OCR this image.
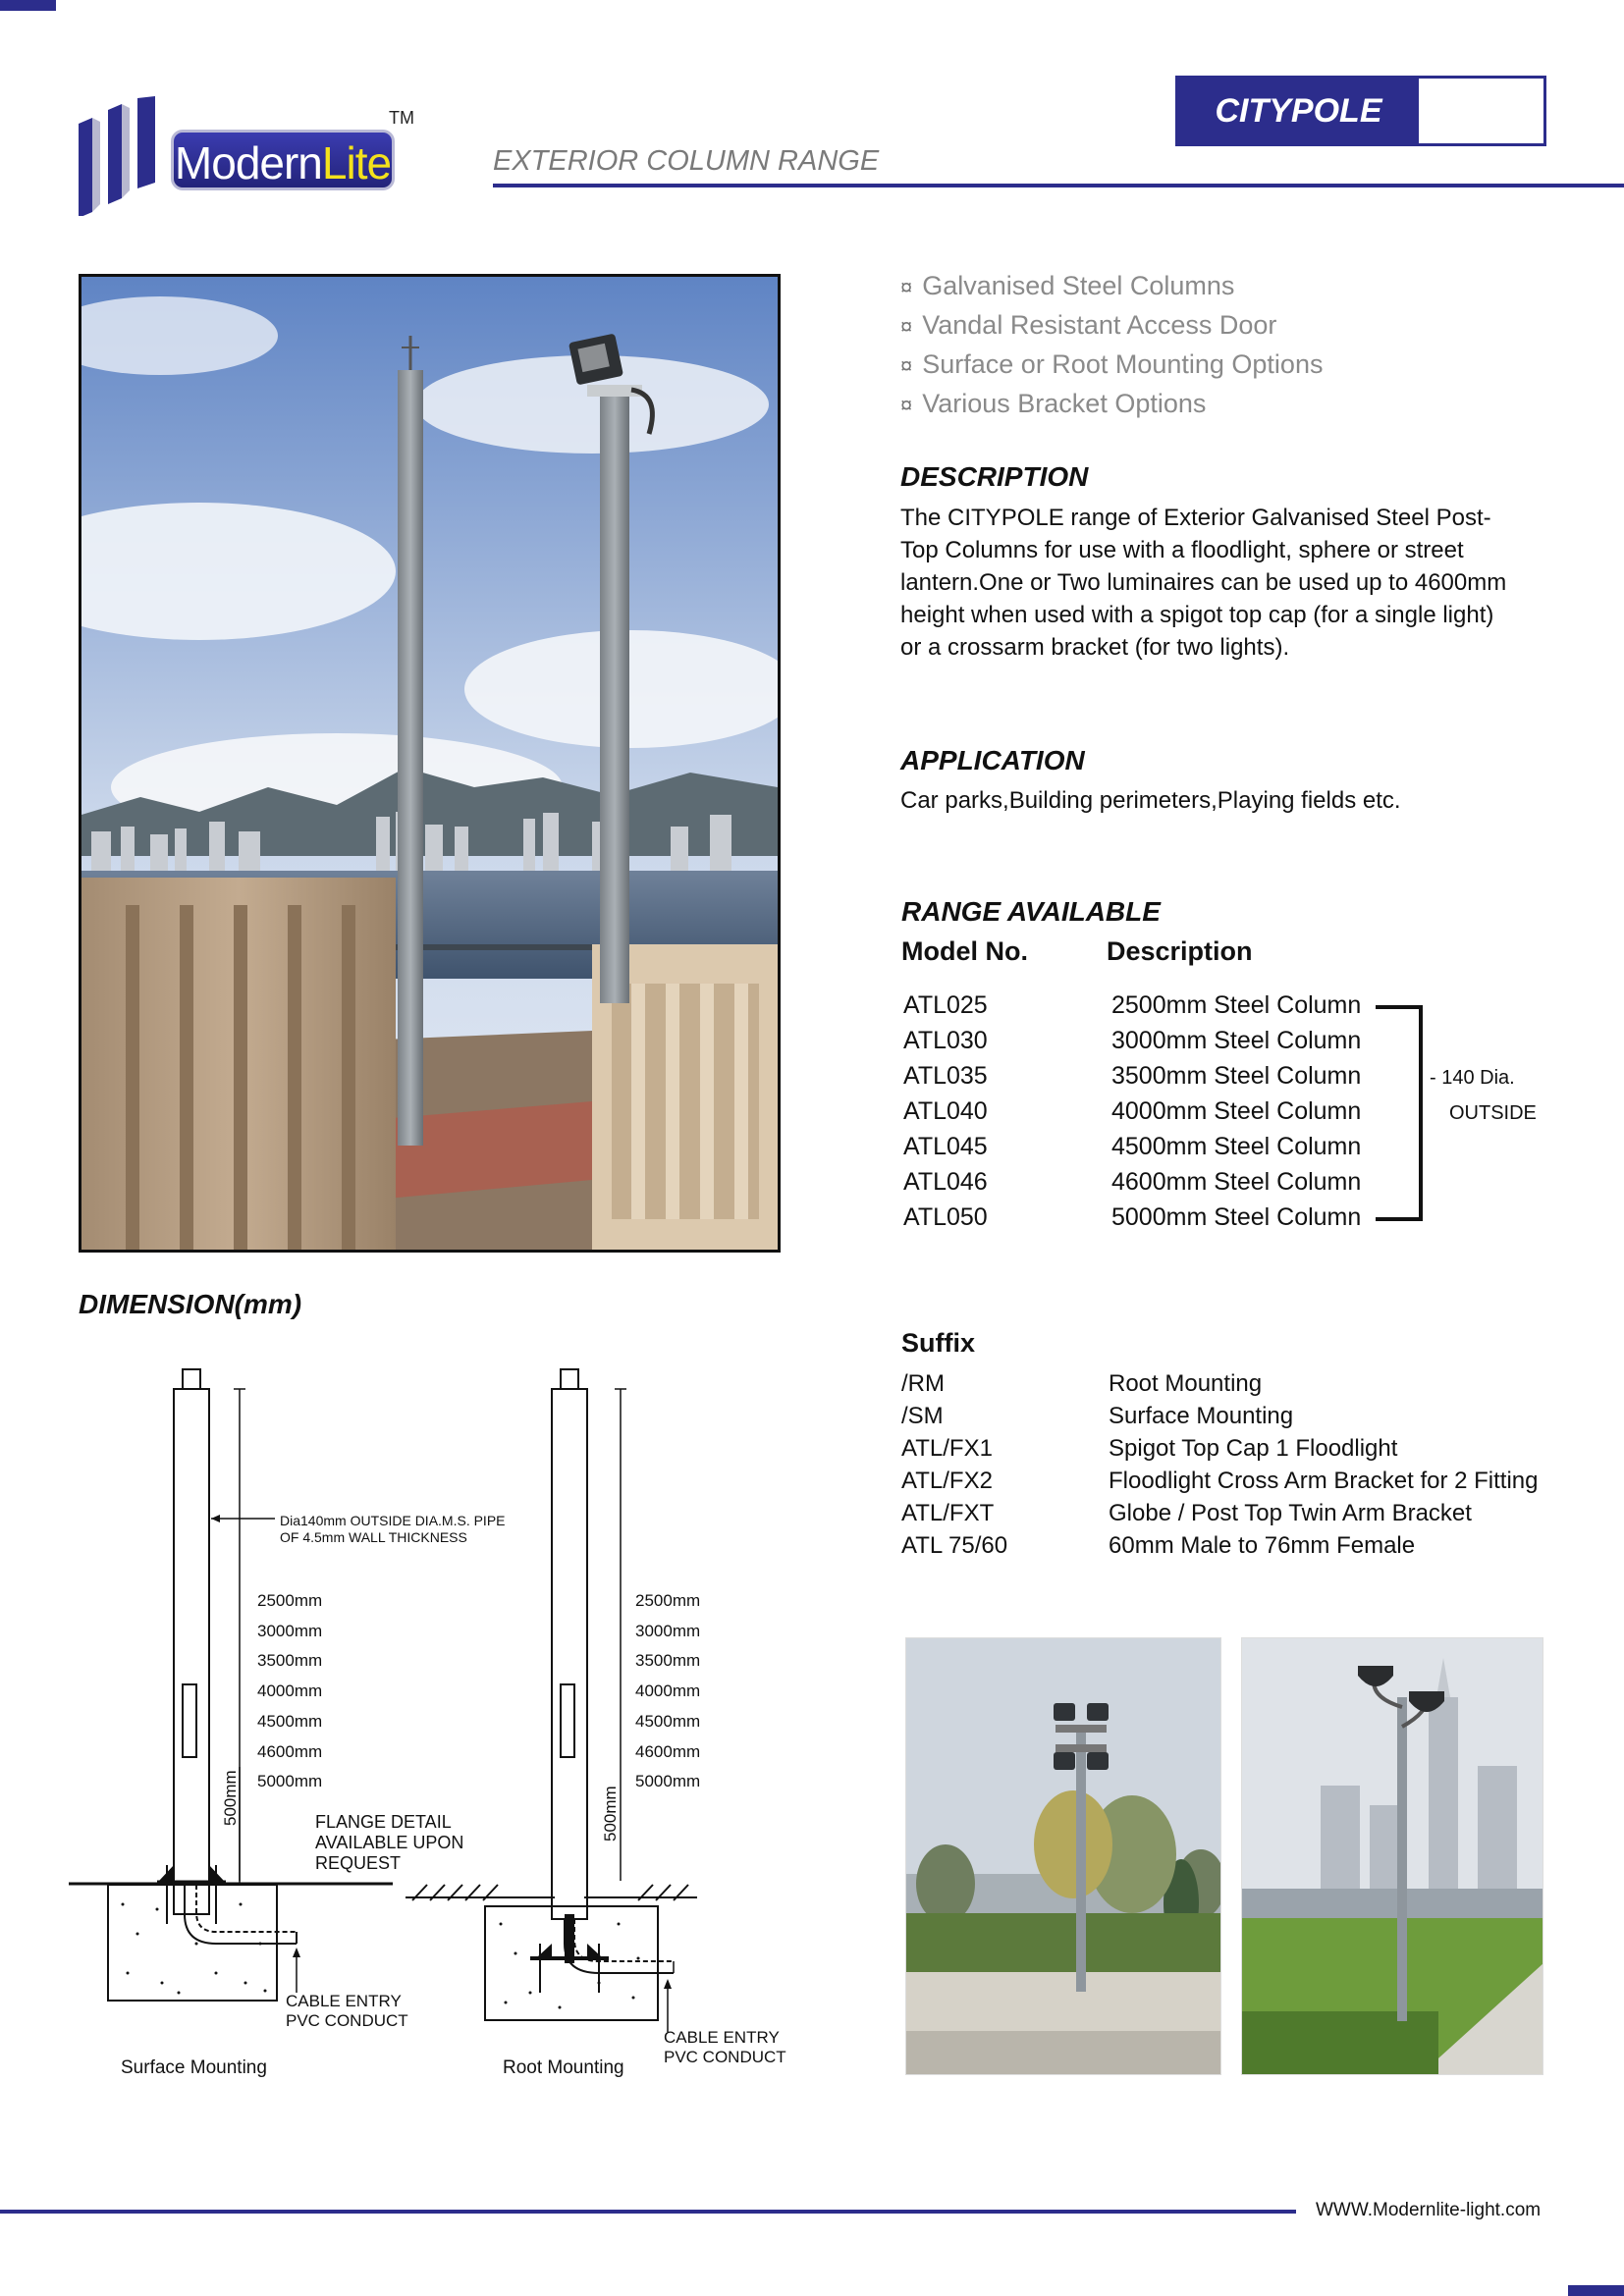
ModernLite
TM	CITYPOLE
EXTERIOR COLUMN RANGE
¤ Galvanised Steel Columns
¤ Vandal Resistant Access Door
¤ Surface or Root Mounting Options
¤ Various Bracket Options
DESCRIPTION
The CITYPOLE range of Exterior Galvanised Steel Post-
Top Columns for use with a floodlight, sphere or street
lantern.One or Two luminaires can be used up to 4600mm
height when used with a spigot top cap (for a single light)
or a crossarm bracket (for two lights).
APPLICATION
Car parks,Building perimeters,Playing fields etc.
RANGE AVAILABLE
Model No.	Description
ATL025	2500mm Steel Column
ATL030	3000mm Steel Column
ATL035	3500mm Steel Column
ATL040	4000mm Steel Column
ATL045	4500mm Steel Column
ATL046	4600mm Steel Column
ATL050	5000mm Steel Column
- 140 Dia.
OUTSIDE
Suffix
/RM	Root Mounting
/SM	Surface Mounting
ATL/FX1	Spigot Top Cap 1 Floodlight
ATL/FX2	Floodlight Cross Arm Bracket for 2 Fitting
ATL/FXT	Globe / Post Top Twin Arm Bracket
ATL 75/60	60mm Male to 76mm Female
DIMENSION(mm)
Dia140mm OUTSIDE DIA.M.S. PIPE
OF 4.5mm WALL THICKNESS
2500mm
3000mm
3500mm
4000mm
4500mm
4600mm
5000mm
2500mm
3000mm
3500mm
4000mm
4500mm
4600mm
5000mm
500mm	500mm
FLANGE DETAIL
AVAILABLE UPON
REQUEST
CABLE ENTRY
PVC CONDUCT
CABLE ENTRY
PVC CONDUCT
Surface Mounting	Root Mounting
WWW.Modernlite-light.com
